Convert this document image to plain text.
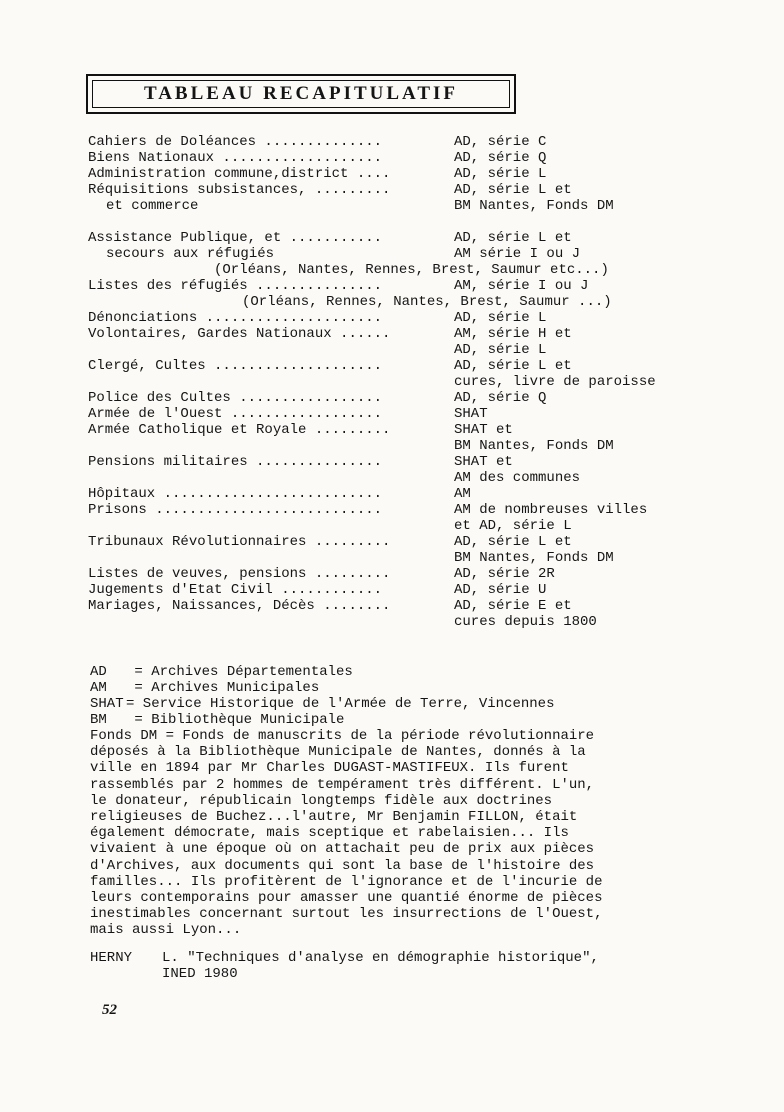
TABLEAU RECAPITULATIF
Cahiers de Doléances ..............	AD, série C
Biens Nationaux ...................	AD, série Q
Administration commune,district ....	AD, série L
Réquisitions subsistances, .........	AD, série L et
et commerce	BM Nantes, Fonds DM
Assistance Publique, et ...........	AD, série L et
secours aux réfugiés	AM série I ou J
(Orléans, Nantes, Rennes, Brest, Saumur etc...)
Listes des réfugiés ...............	AM, série I ou J
(Orléans, Rennes, Nantes, Brest, Saumur ...)
Dénonciations .....................	AD, série L
Volontaires, Gardes Nationaux ......	AM, série H et
AD, série L
Clergé, Cultes ....................	AD, série L et
cures, livre de paroisse
Police des Cultes .................	AD, série Q
Armée de l'Ouest ..................	SHAT
Armée Catholique et Royale .........	SHAT et
BM Nantes, Fonds DM
Pensions militaires ...............	SHAT et
AM des communes
Hôpitaux ..........................	AM
Prisons ...........................	AM de nombreuses villes
et AD, série L
Tribunaux Révolutionnaires .........	AD, série L et
BM Nantes, Fonds DM
Listes de veuves, pensions .........	AD, série 2R
Jugements d'Etat Civil ............	AD, série U
Mariages, Naissances, Décès ........	AD, série E et
cures depuis 1800
AD = Archives Départementales
AM = Archives Municipales
SHAT = Service Historique de l'Armée de Terre, Vincennes
BM = Bibliothèque Municipale
Fonds DM = Fonds de manuscrits de la période révolutionnaire
déposés à la Bibliothèque Municipale de Nantes, donnés à la
ville en 1894 par Mr Charles DUGAST-MASTIFEUX. Ils furent
rassemblés par 2 hommes de tempérament très différent. L'un,
le donateur, républicain longtemps fidèle aux doctrines
religieuses de Buchez...l'autre, Mr Benjamin FILLON, était
également démocrate, mais sceptique et rabelaisien... Ils
vivaient à une époque où on attachait peu de prix aux pièces
d'Archives, aux documents qui sont la base de l'histoire des
familles... Ils profitèrent de l'ignorance et de l'incurie de
leurs contemporains pour amasser une quantié énorme de pièces
inestimables concernant surtout les insurrections de l'Ouest,
mais aussi Lyon...
HERNY L. "Techniques d'analyse en démographie historique",
INED 1980
52
